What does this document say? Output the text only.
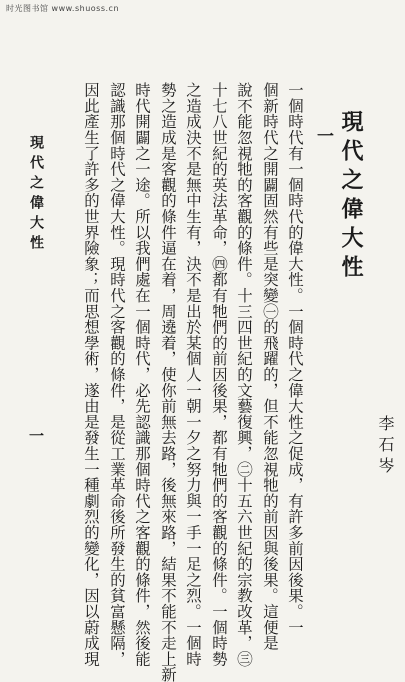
时光图书馆 www.shuoss.cn
李石岑
現代之偉大性
一
一個時代有一個時代的偉大性。一個時代之偉大性之促成，有許多前因後果。一
個新時代之開闢固然有些是突變㊀的飛躍的，但不能忽視牠的前因與後果。這便是
說不能忽視牠的客觀的條件。十三四世紀的文藝復興，㊁十五六世紀的宗教改革，㊂
十七八世紀的英法革命，㊃都有牠們的前因後果，都有牠們的客觀的條件。一個時勢
之造成決不是無中生有，決不是出於某個人一朝一夕之努力與一手一足之烈。一個時
勢之造成是客觀的條件逼在着，周遶着，使你前無去路，後無來路，結果不能不走上新
時代開闢之一途。所以我們處在一個時代，必先認識那個時代之客觀的條件，然後能
認識那個時代之偉大性。現時代之客觀的條件，是從工業革命後所發生的貧富懸隔，
因此產生了許多的世界險象；而思想學術，遂由是發生一種劇烈的變化，因以蔚成現
現代之偉大性
一
